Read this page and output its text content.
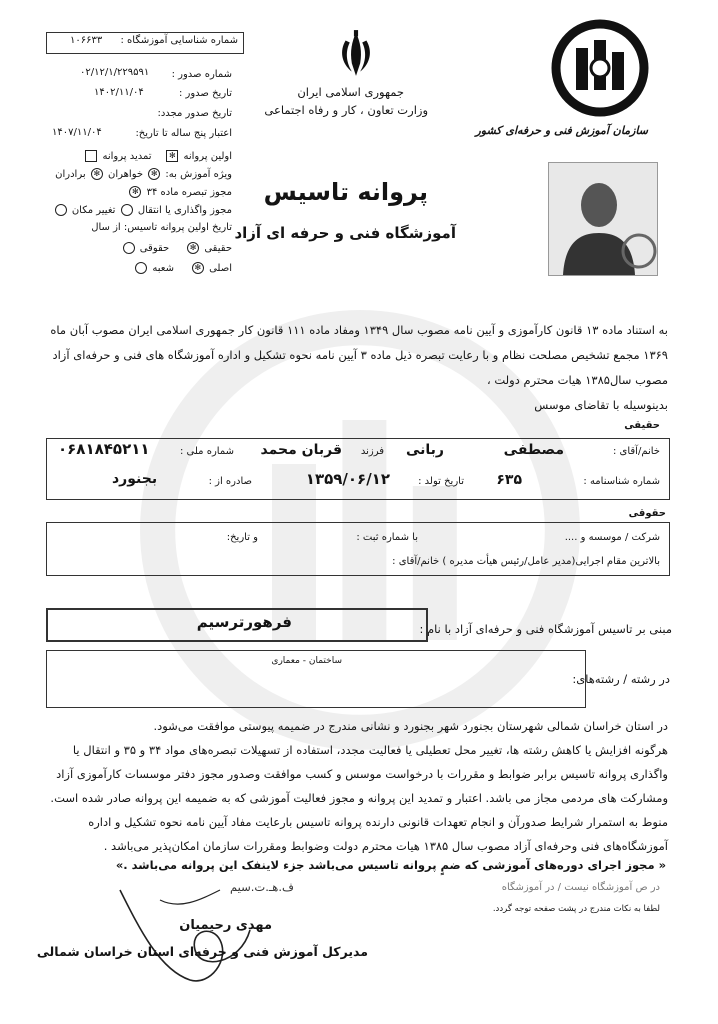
شماره شناسایی آموزشگاه :
۱۰۶۶۳۳
شماره صدور :
۰۲/۱۲/۱/۲۲۹۵۹۱
تاریخ صدور :
۱۴۰۲/۱۱/۰۴
تاریخ صدور مجدد:
اعتبار پنج ساله تا تاریخ:
۱۴۰۷/۱۱/۰۴
اولین پروانه ✻    تمدید پروانه
ویژه آموزش به: ✻ خواهران ✻ برادران
مجوز تبصره ماده ۳۴ ✻
مجوز واگذاری یا انتقال  تغییر مکان
تاریخ اولین پروانه تاسیس: از سال
حقیقی ✻     حقوقی
اصلی ✻     شعبه
جمهوری اسلامی ایران
وزارت تعاون ، کار و رفاه اجتماعی
پروانه تاسیس
آموزشگاه فنی و حرفه ای آزاد
سازمان آموزش فنی و حرفه‌ای کشور

به استناد ماده ۱۳ قانون کارآموزی و آیین نامه مصوب سال ۱۳۴۹ ومفاد ماده ۱۱۱ قانون کار جمهوری اسلامی ایران مصوب آبان ماه

۱۳۶۹ مجمع تشخیص مصلحت نظام و با رعایت تبصره ذیل ماده ۳ آیین نامه نحوه تشکیل و اداره آموزشگاه های فنی و حرفه‌ای آزاد

مصوب سال۱۳۸۵ هیات محترم دولت ،

بدینوسیله با تقاضای موسس

حقیقی
خانم/آقای :
مصطفی
ربانی
فرزند
قربان محمد
شماره ملی :
۰۶۸۱۸۴۵۲۱۱
شماره شناسنامه :
۶۳۵
تاریخ تولد :
۱۳۵۹/۰۶/۱۲
صادره از :
بجنورد
حقوقی
شرکت / موسسه و ....
با شماره ثبت :
و تاریخ:
بالاترین مقام اجرایی(مدیر عامل/رئیس هیأت مدیره ) خانم/آقای :
مبنی بر تاسیس آموزشگاه فنی و حرفه‌ای آزاد با نام :
فرهورترسیم
در رشته / رشته‌های:
ساختمان - معماری

در استان خراسان شمالی شهرستان بجنورد شهر بجنورد و نشانی مندرج در ضمیمه پیوستی موافقت می‌شود.

هرگونه افزایش یا کاهش رشته ها، تغییر محل تعطیلی یا فعالیت مجدد، استفاده از تسهیلات تبصره‌های مواد ۳۴ و ۳۵ و انتقال یا

واگذاری پروانه تاسیس برابر ضوابط و مقررات با درخواست موسس و کسب موافقت وصدور مجوز دفتر موسسات کارآموزی آزاد

ومشارکت های مردمی مجاز می باشد. اعتبار و تمدید این پروانه و مجوز فعالیت آموزشی که به ضمیمه این پروانه صادر شده است.

منوط به استمرار شرایط صدورآن و انجام تعهدات قانونی دارنده پروانه تاسیس بارعایت مفاد آیین نامه نحوه تشکیل و اداره

آموزشگاه‌های فنی وحرفه‌ای آزاد مصوب سال ۱۳۸۵ هیات محترم دولت وضوابط ومقررات سازمان امکان‌پذیر می‌باشد .

« مجوز اجرای دوره‌های آموزشی که ضمٍ پروانه تاسیس می‌باشد جزء لاینفک این پروانه می‌باشد .»
در ص آموزشگاه نیست / در آموزشگاه
لطفا به نکات مندرج در پشت صفحه توجه گردد.
ف.هـ.ت.سیم
مهدی رحیمیان
مدیرکل آموزش فنی و حرفه‌ای استان خراسان شمالی
